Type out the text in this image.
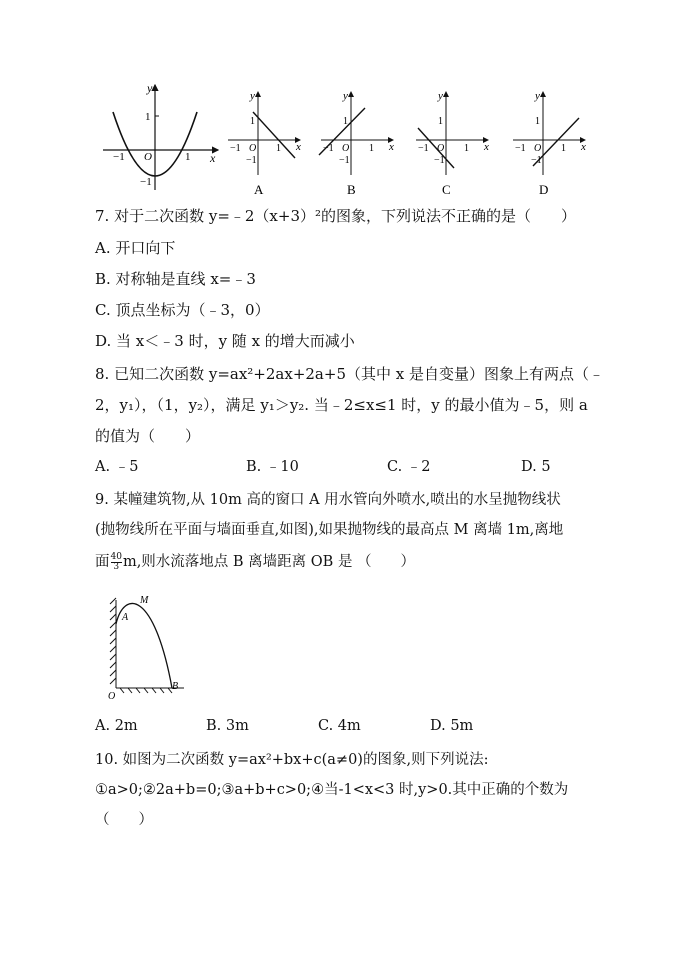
y
x
1
−1 O	1
−1
y
x
1
−1 O 1
−1
A
y
x
1
−1 O 1
−1
B
y
x
1
−1 O 1
−1
C
y
x
1
−1 O 1
−1
D
7. 对于二次函数 y=﹣2（x+3）²的图象，下列说法不正确的是（　　）
A. 开口向下
B. 对称轴是直线 x=﹣3
C. 顶点坐标为（﹣3，0）
D. 当 x＜﹣3 时，y 随 x 的增大而减小
8. 已知二次函数 y=ax²+2ax+2a+5（其中 x 是自变量）图象上有两点（﹣
2，y₁），（1，y₂），满足 y₁＞y₂. 当﹣2≤x≤1 时，y 的最小值为﹣5，则 a
的值为（　　）
A. ﹣5	B. ﹣10	C. ﹣2	D. 5
9. 某幢建筑物,从 10m 高的窗口 A 用水管向外喷水,喷出的水呈抛物线状
(抛物线所在平面与墙面垂直,如图),如果抛物线的最高点 M 离墙 1m,离地
面 $\frac{40}{3} m$,则水流落地点 B 离墙距离 OB 是 （　　）
M
A
O
B
A. 2m	B. 3m	C. 4m	D. 5m
10. 如图为二次函数 y=ax²+bx+c(a≠0)的图象,则下列说法:
①a>0;②2a+b=0;③a+b+c>0;④当-1<x<3 时,y>0.其中正确的个数为
（　　）
